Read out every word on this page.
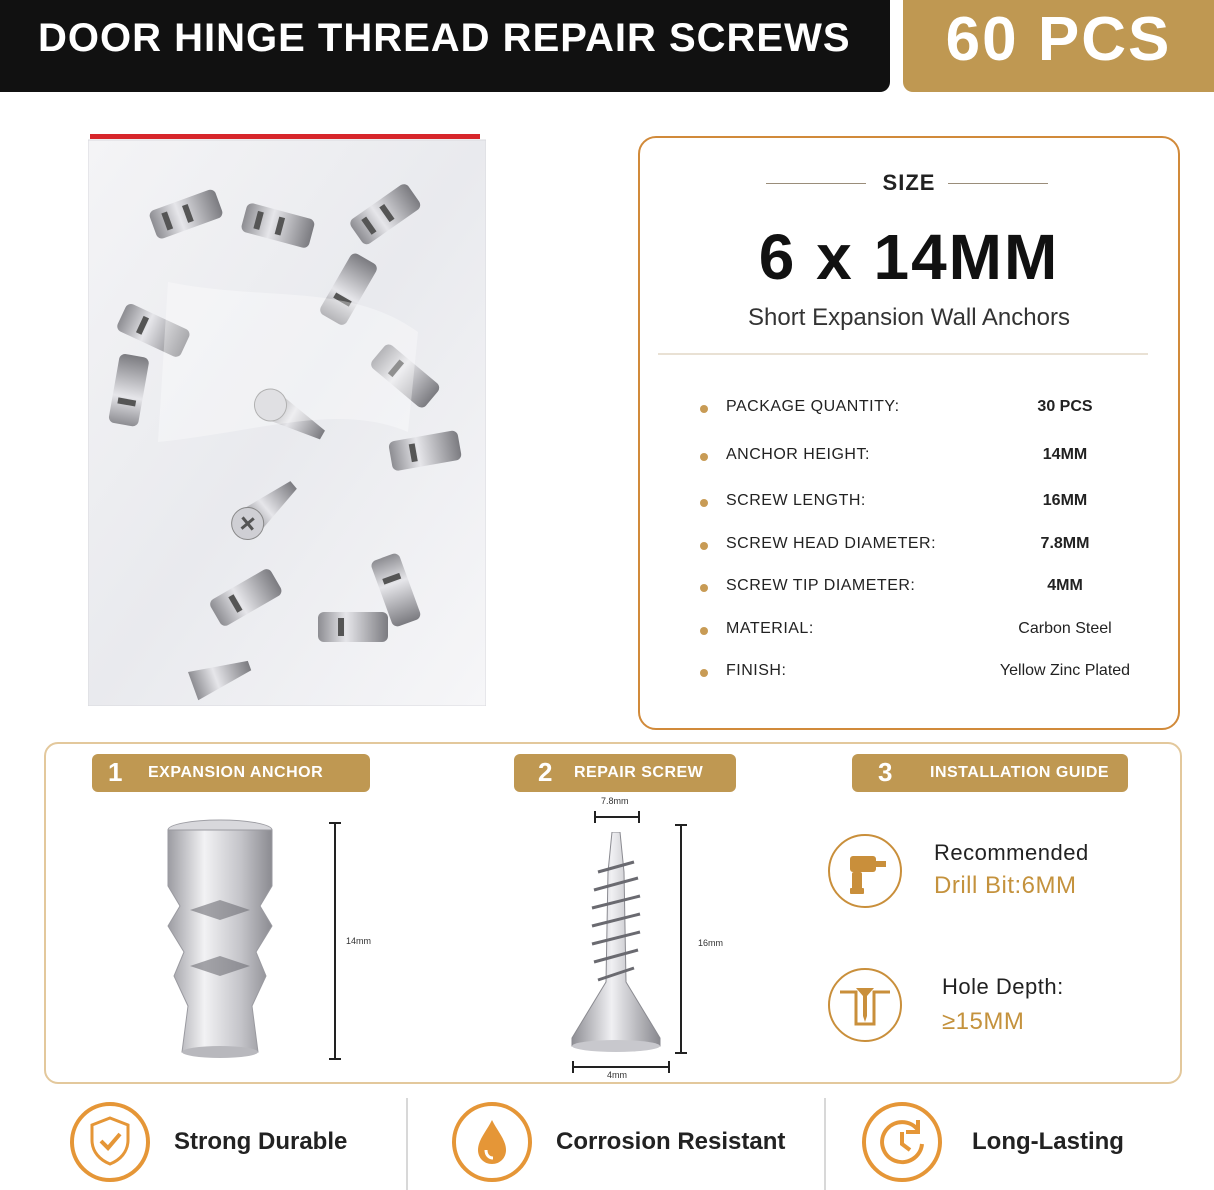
DOOR HINGE THREAD REPAIR SCREWS	60 PCS
SIZE
6 x 14MM
Short Expansion Wall Anchors
PACKAGE QUANTITY:	30 PCS
ANCHOR HEIGHT:	14MM
SCREW LENGTH:	16MM
SCREW HEAD DIAMETER:	7.8MM
SCREW TIP DIAMETER:	4MM
MATERIAL:	Carbon Steel
FINISH:	Yellow Zinc Plated
1 EXPANSION ANCHOR	2 REPAIR SCREW	3 INSTALLATION GUIDE
14mm
7.8mm
16mm
4mm
Recommended
Drill Bit:6MM
Hole Depth:
≥15MM
Strong Durable	Corrosion Resistant	Long-Lasting
